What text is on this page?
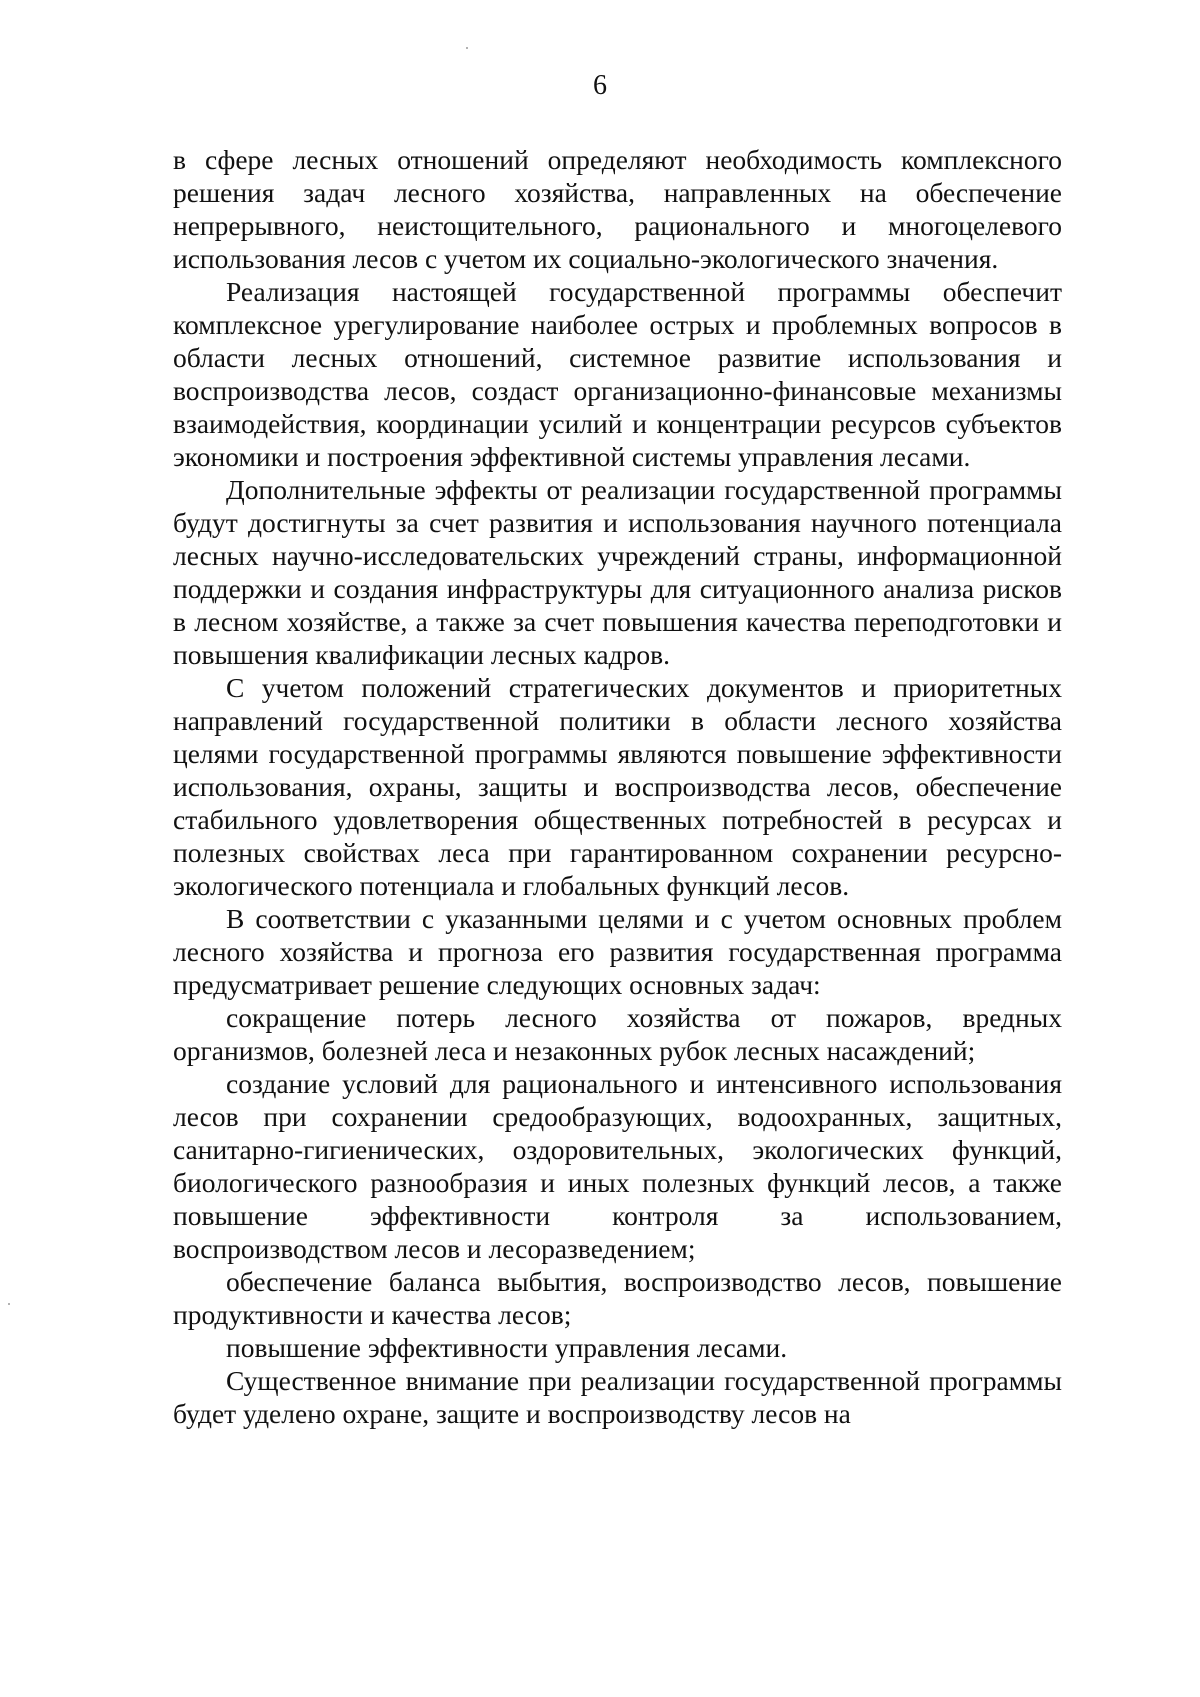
6

в сфере лесных отношений определяют необходимость комплексного решения задач лесного хозяйства, направленных на обеспечение непрерывного, неистощительного, рационального и многоцелевого использования лесов с учетом их социально-экологического значения.

Реализация настоящей государственной программы обеспечит комплексное урегулирование наиболее острых и проблемных вопросов в области лесных отношений, системное развитие использования и воспроизводства лесов, создаст организационно-финансовые механизмы взаимодействия, координации усилий и концентрации ресурсов субъектов экономики и построения эффективной системы управления лесами.

Дополнительные эффекты от реализации государственной программы будут достигнуты за счет развития и использования научного потенциала лесных научно-исследовательских учреждений страны, информационной поддержки и создания инфраструктуры для ситуационного анализа рисков в лесном хозяйстве, а также за счет повышения качества переподготовки и повышения квалификации лесных кадров.

С учетом положений стратегических документов и приоритетных направлений государственной политики в области лесного хозяйства целями государственной программы являются повышение эффективности использования, охраны, защиты и воспроизводства лесов, обеспечение стабильного удовлетворения общественных потребностей в ресурсах и полезных свойствах леса при гарантированном сохранении ресурсно-экологического потенциала и глобальных функций лесов.

В соответствии с указанными целями и с учетом основных проблем лесного хозяйства и прогноза его развития государственная программа предусматривает решение следующих основных задач:

сокращение потерь лесного хозяйства от пожаров, вредных организмов, болезней леса и незаконных рубок лесных насаждений;

создание условий для рационального и интенсивного использования лесов при сохранении средообразующих, водоохранных, защитных, санитарно-гигиенических, оздоровительных, экологических функций, биологического разнообразия и иных полезных функций лесов, а также повышение эффективности контроля за использованием, воспроизводством лесов и лесоразведением;

обеспечение баланса выбытия, воспроизводство лесов, повышение продуктивности и качества лесов;

повышение эффективности управления лесами.

Существенное внимание при реализации государственной программы будет уделено охране, защите и воспроизводству лесов на
